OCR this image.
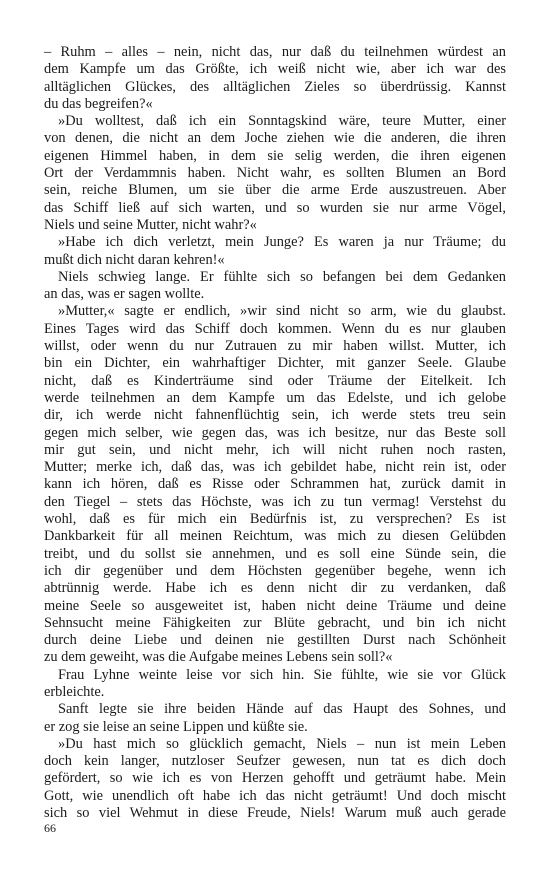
– Ruhm – alles – nein, nicht das, nur daß du teilnehmen würdest an
dem Kampfe um das Größte, ich weiß nicht wie, aber ich war des
alltäglichen Glückes, des alltäglichen Zieles so überdrüssig. Kannst
du das begreifen?«
»Du wolltest, daß ich ein Sonntagskind wäre, teure Mutter, einer
von denen, die nicht an dem Joche ziehen wie die anderen, die ihren
eigenen Himmel haben, in dem sie selig werden, die ihren eigenen
Ort der Verdammnis haben. Nicht wahr, es sollten Blumen an Bord
sein, reiche Blumen, um sie über die arme Erde auszustreuen. Aber
das Schiff ließ auf sich warten, und so wurden sie nur arme Vögel,
Niels und seine Mutter, nicht wahr?«
»Habe ich dich verletzt, mein Junge? Es waren ja nur Träume; du
mußt dich nicht daran kehren!«
Niels schwieg lange. Er fühlte sich so befangen bei dem Gedanken
an das, was er sagen wollte.
»Mutter,« sagte er endlich, »wir sind nicht so arm, wie du glaubst.
Eines Tages wird das Schiff doch kommen. Wenn du es nur glauben
willst, oder wenn du nur Zutrauen zu mir haben willst. Mutter, ich
bin ein Dichter, ein wahrhaftiger Dichter, mit ganzer Seele. Glaube
nicht, daß es Kinderträume sind oder Träume der Eitelkeit. Ich
werde teilnehmen an dem Kampfe um das Edelste, und ich gelobe
dir, ich werde nicht fahnenflüchtig sein, ich werde stets treu sein
gegen mich selber, wie gegen das, was ich besitze, nur das Beste soll
mir gut sein, und nicht mehr, ich will nicht ruhen noch rasten,
Mutter; merke ich, daß das, was ich gebildet habe, nicht rein ist, oder
kann ich hören, daß es Risse oder Schrammen hat, zurück damit in
den Tiegel – stets das Höchste, was ich zu tun vermag! Verstehst du
wohl, daß es für mich ein Bedürfnis ist, zu versprechen? Es ist
Dankbarkeit für all meinen Reichtum, was mich zu diesen Gelübden
treibt, und du sollst sie annehmen, und es soll eine Sünde sein, die
ich dir gegenüber und dem Höchsten gegenüber begehe, wenn ich
abtrünnig werde. Habe ich es denn nicht dir zu verdanken, daß
meine Seele so ausgeweitet ist, haben nicht deine Träume und deine
Sehnsucht meine Fähigkeiten zur Blüte gebracht, und bin ich nicht
durch deine Liebe und deinen nie gestillten Durst nach Schönheit
zu dem geweiht, was die Aufgabe meines Lebens sein soll?«
Frau Lyhne weinte leise vor sich hin. Sie fühlte, wie sie vor Glück
erbleichte.
Sanft legte sie ihre beiden Hände auf das Haupt des Sohnes, und
er zog sie leise an seine Lippen und küßte sie.
»Du hast mich so glücklich gemacht, Niels – nun ist mein Leben
doch kein langer, nutzloser Seufzer gewesen, nun tat es dich doch
gefördert, so wie ich es von Herzen gehofft und geträumt habe. Mein
Gott, wie unendlich oft habe ich das nicht geträumt! Und doch mischt
sich so viel Wehmut in diese Freude, Niels! Warum muß auch gerade
66
